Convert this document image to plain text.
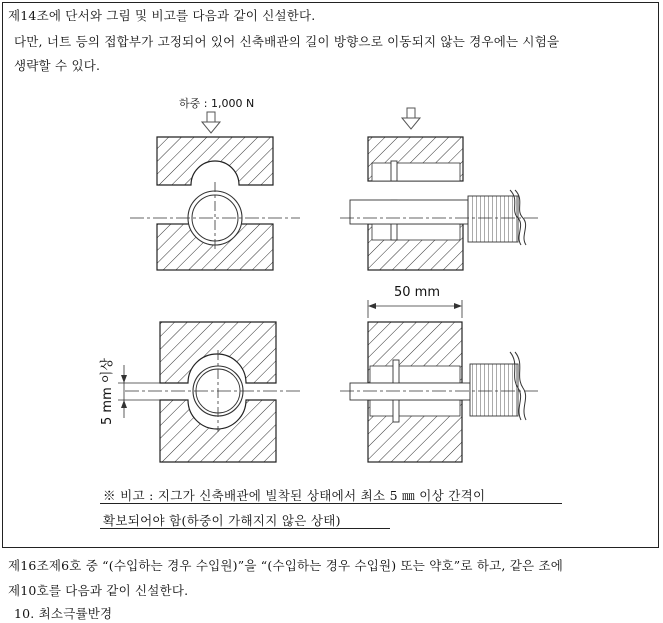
제14조에 단서와 그림 및 비고를 다음과 같이 신설한다.
다만, 너트 등의 접합부가 고정되어 있어 신축배관의 길이 방향으로 이동되지 않는 경우에는 시험을
생략할 수 있다.
하중 : 1,000 N
50 mm
5 mm 이상
※ 비고 : 지그가 신축배관에 빌착된 상태에서 최소 5 ㎜ 이상 간격이
확보되어야 함(하중이 가해지지 않은 상태)
제16조제6호 중 “(수입하는 경우 수입원)”을 “(수입하는 경우 수입원) 또는 약호”로 하고, 같은 조에
제10호를 다음과 같이 신설한다.
10. 최소극률반경
